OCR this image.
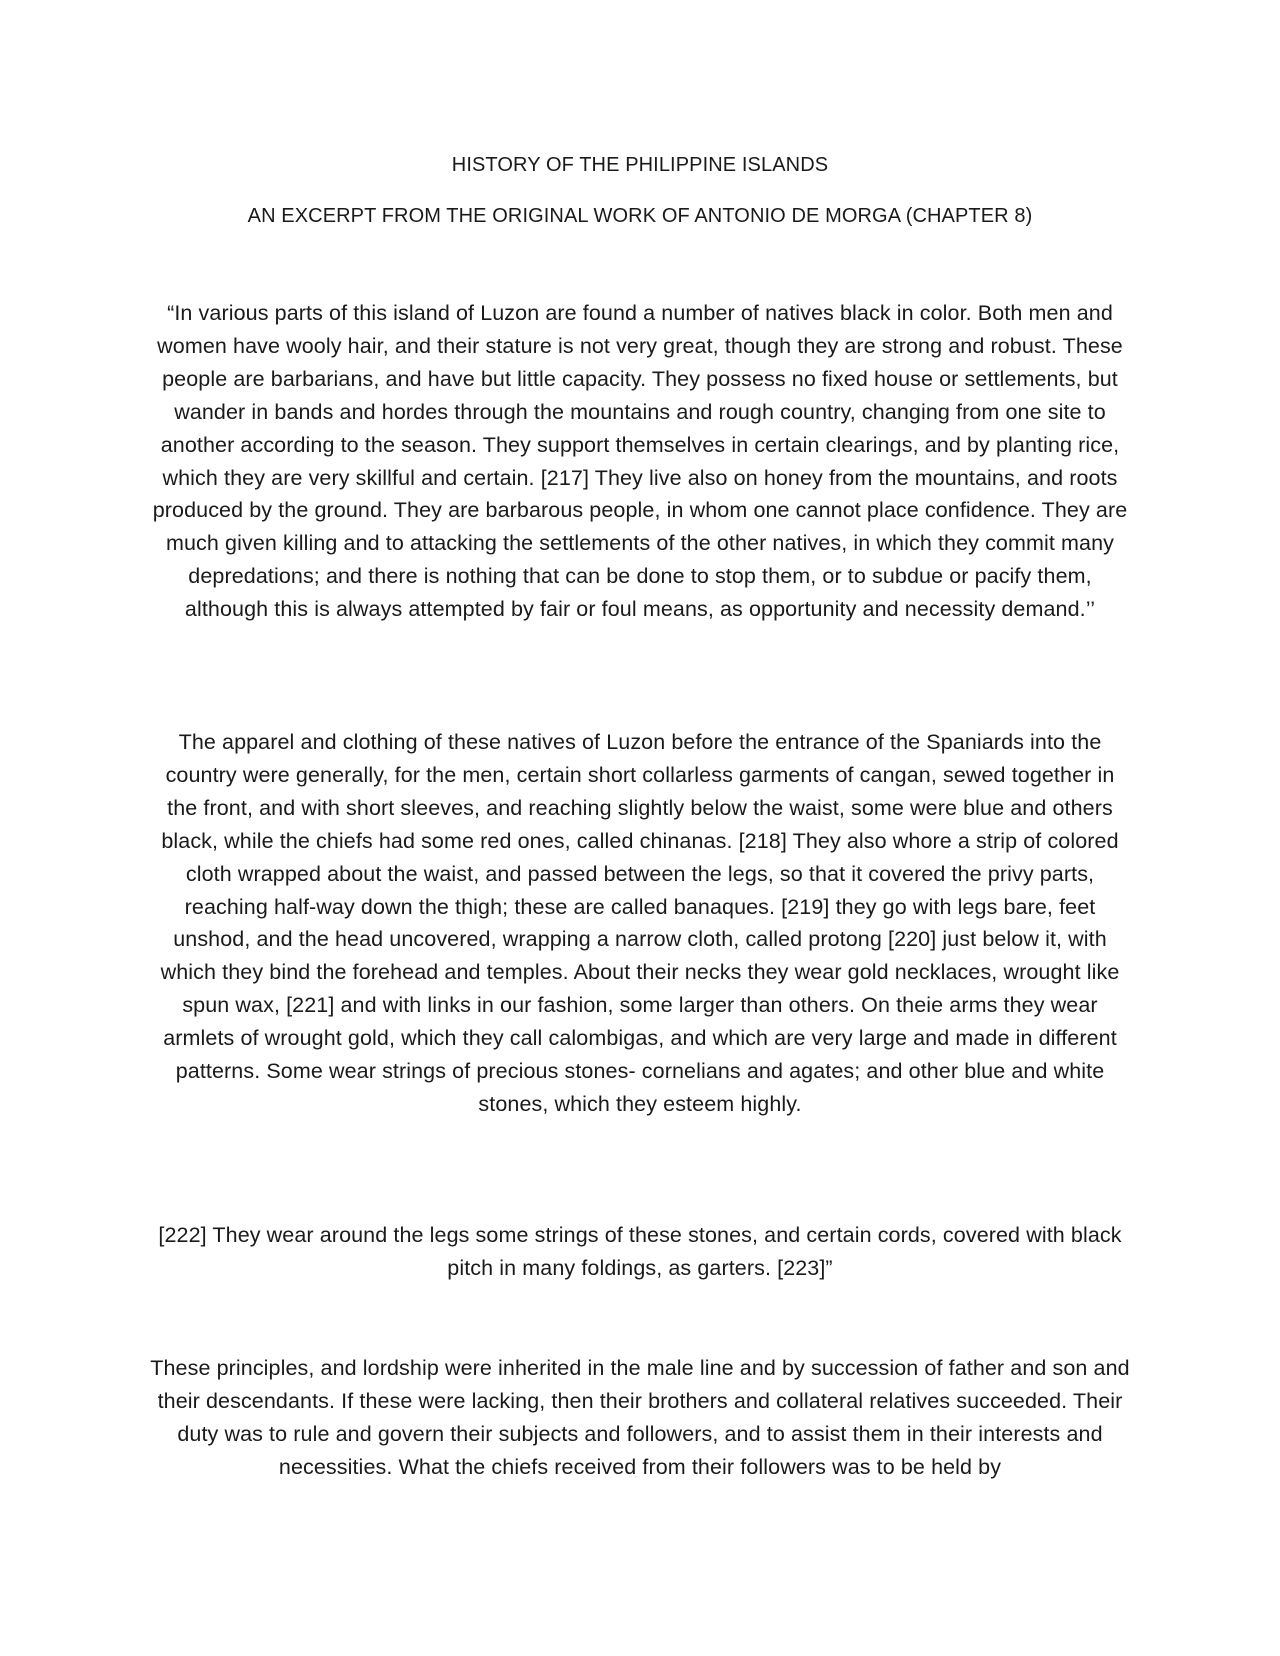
HISTORY OF THE PHILIPPINE ISLANDS
AN EXCERPT FROM THE ORIGINAL WORK OF ANTONIO DE MORGA (CHAPTER 8)

“In various parts of this island of Luzon are found a number of natives black in color. Both men and women have wooly hair, and their stature is not very great, though they are strong and robust. These people are barbarians, and have but little capacity. They possess no fixed house or settlements, but wander in bands and hordes through the mountains and rough country, changing from one site to another according to the season. They support themselves in certain clearings, and by planting rice, which they are very skillful and certain. [217] They live also on honey from the mountains, and roots produced by the ground. They are barbarous people, in whom one cannot place confidence. They are much given killing and to attacking the settlements of the other natives, in which they commit many depredations; and there is nothing that can be done to stop them, or to subdue or pacify them, although this is always attempted by fair or foul means, as opportunity and necessity demand.’’

The apparel and clothing of these natives of Luzon before the entrance of the Spaniards into the country were generally, for the men, certain short collarless garments of cangan, sewed together in the front, and with short sleeves, and reaching slightly below the waist, some were blue and others black, while the chiefs had some red ones, called chinanas. [218] They also whore a strip of colored cloth wrapped about the waist, and passed between the legs, so that it covered the privy parts, reaching half-way down the thigh; these are called banaques. [219] they go with legs bare, feet unshod, and the head uncovered, wrapping a narrow cloth, called protong [220] just below it, with which they bind the forehead and temples. About their necks they wear gold necklaces, wrought like spun wax, [221] and with links in our fashion, some larger than others. On theie arms they wear armlets of wrought gold, which they call calombigas, and which are very large and made in different patterns. Some wear strings of precious stones- cornelians and agates; and other blue and white stones, which they esteem highly.

[222] They wear around the legs some strings of these stones, and certain cords, covered with black pitch in many foldings, as garters. [223]”

These principles, and lordship were inherited in the male line and by succession of father and son and their descendants. If these were lacking, then their brothers and collateral relatives succeeded. Their duty was to rule and govern their subjects and followers, and to assist them in their interests and necessities. What the chiefs received from their followers was to be held by
